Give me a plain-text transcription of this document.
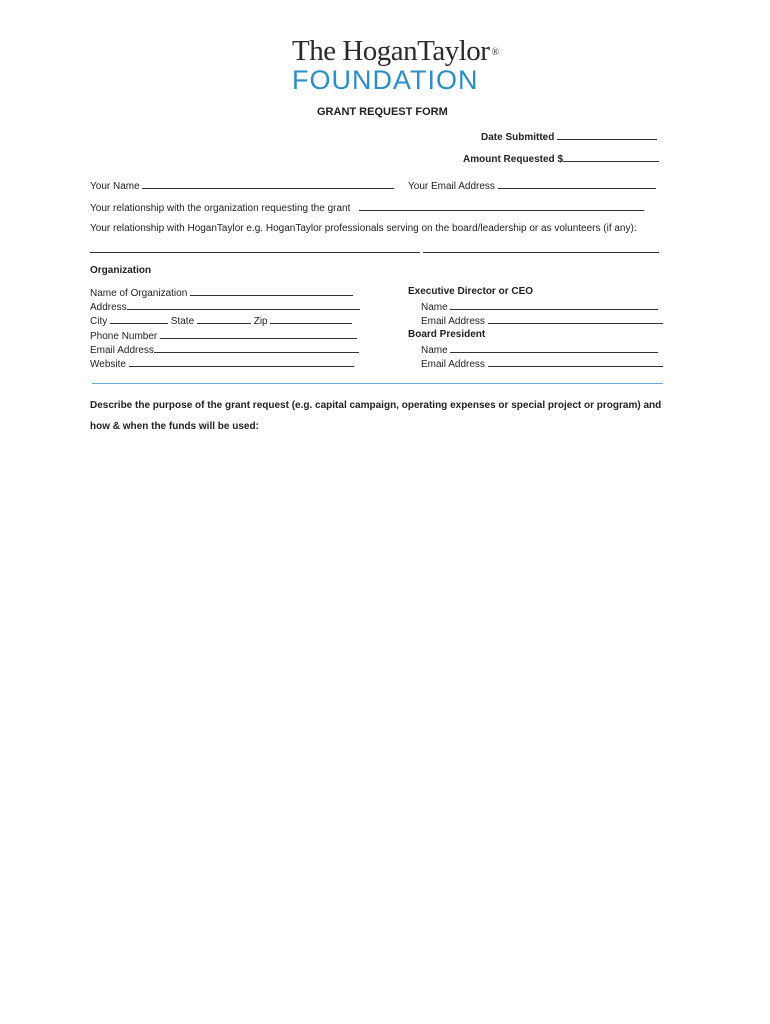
The HoganTaylor ®
FOUNDATION
GRANT REQUEST FORM
Date Submitted
Amount Requested $
Your Name	Your Email Address
Your relationship with the organization requesting the grant
Your relationship with HoganTaylor e.g. HoganTaylor professionals serving on the board/leadership or as volunteers (if any):

Organization
Name of Organization
Address
City	State	Zip
Phone Number
Email Address
Website
Executive Director or CEO
Name
Email Address
Board President
Name
Email Address
Describe the purpose of the grant request (e.g. capital campaign, operating expenses or special project or program) and
how & when the funds will be used:
